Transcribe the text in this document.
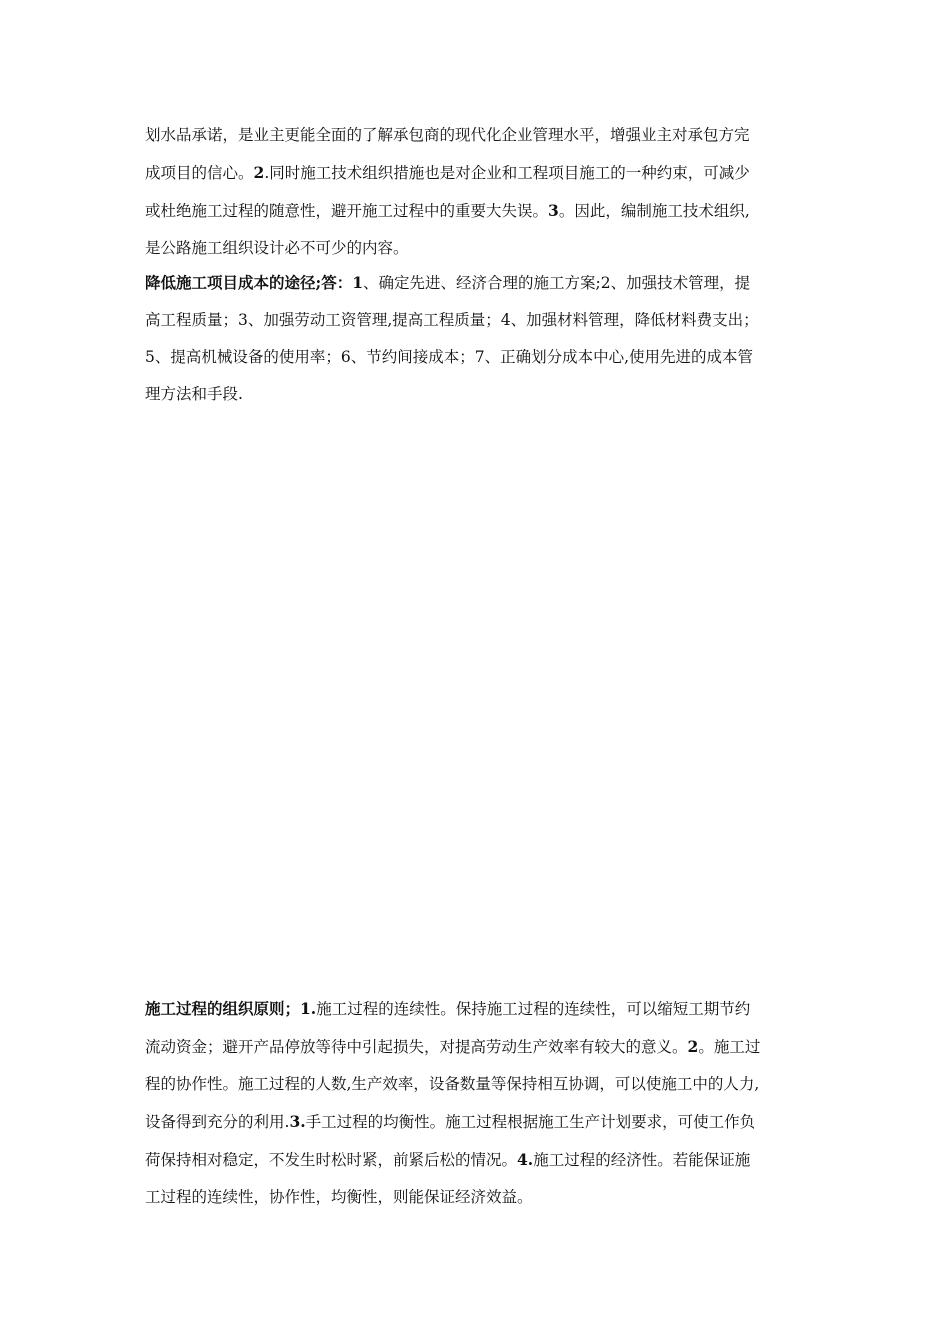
划水品承诺，是业主更能全面的了解承包商的现代化企业管理水平，增强业主对承包方完
成项目的信心。2.同时施工技术组织措施也是对企业和工程项目施工的一种约束，可减少
或杜绝施工过程的随意性，避开施工过程中的重要大失误。3。因此，编制施工技术组织,
是公路施工组织设计必不可少的内容。
降低施工项目成本的途径;答：1、确定先进、经济合理的施工方案;2、加强技术管理，提
高工程质量；3、加强劳动工资管理,提高工程质量；4、加强材料管理，降低材料费支出；
5、提高机械设备的使用率；6、节约间接成本；7、正确划分成本中心,使用先进的成本管
理方法和手段.
施工过程的组织原则；1.施工过程的连续性。保持施工过程的连续性，可以缩短工期节约
流动资金；避开产品停放等待中引起损失，对提高劳动生产效率有较大的意义。2。施工过
程的协作性。施工过程的人数,生产效率，设备数量等保持相互协调，可以使施工中的人力,
设备得到充分的利用.3.手工过程的均衡性。施工过程根据施工生产计划要求，可使工作负
荷保持相对稳定，不发生时松时紧，前紧后松的情况。4.施工过程的经济性。若能保证施
工过程的连续性，协作性，均衡性，则能保证经济效益。
